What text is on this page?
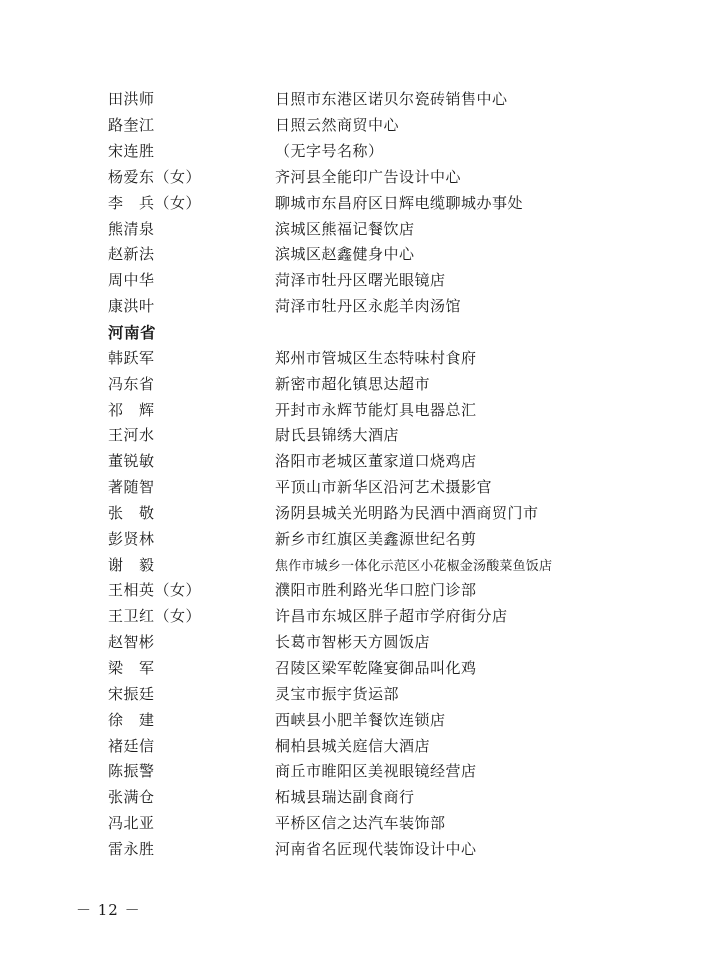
田洪师	日照市东港区诺贝尔瓷砖销售中心
路奎江	日照云然商贸中心
宋连胜	（无字号名称）
杨爱东（女）	齐河县全能印广告设计中心
李　兵（女）	聊城市东昌府区日辉电缆聊城办事处
熊清泉	滨城区熊福记餐饮店
赵新法	滨城区赵鑫健身中心
周中华	菏泽市牡丹区曙光眼镜店
康洪叶	菏泽市牡丹区永彪羊肉汤馆
河南省
韩跃军	郑州市管城区生态特味村食府
冯东省	新密市超化镇思达超市
祁　辉	开封市永辉节能灯具电器总汇
王河水	尉氏县锦绣大酒店
董锐敏	洛阳市老城区董家道口烧鸡店
著随智	平顶山市新华区沿河艺术摄影官
张　敬	汤阴县城关光明路为民酒中酒商贸门市
彭贤林	新乡市红旗区美鑫源世纪名剪
谢　毅	焦作市城乡一体化示范区小花椒金汤酸菜鱼饭店
王相英（女）	濮阳市胜利路光华口腔门诊部
王卫红（女）	许昌市东城区胖子超市学府街分店
赵智彬	长葛市智彬天方圆饭店
梁　军	召陵区梁军乾隆宴御品叫化鸡
宋振廷	灵宝市振宇货运部
徐　建	西峡县小肥羊餐饮连锁店
褚廷信	桐柏县城关庭信大酒店
陈振警	商丘市睢阳区美视眼镜经营店
张满仓	柘城县瑞达副食商行
冯北亚	平桥区信之达汽车装饰部
雷永胜	河南省名匠现代装饰设计中心
－ 12 －
